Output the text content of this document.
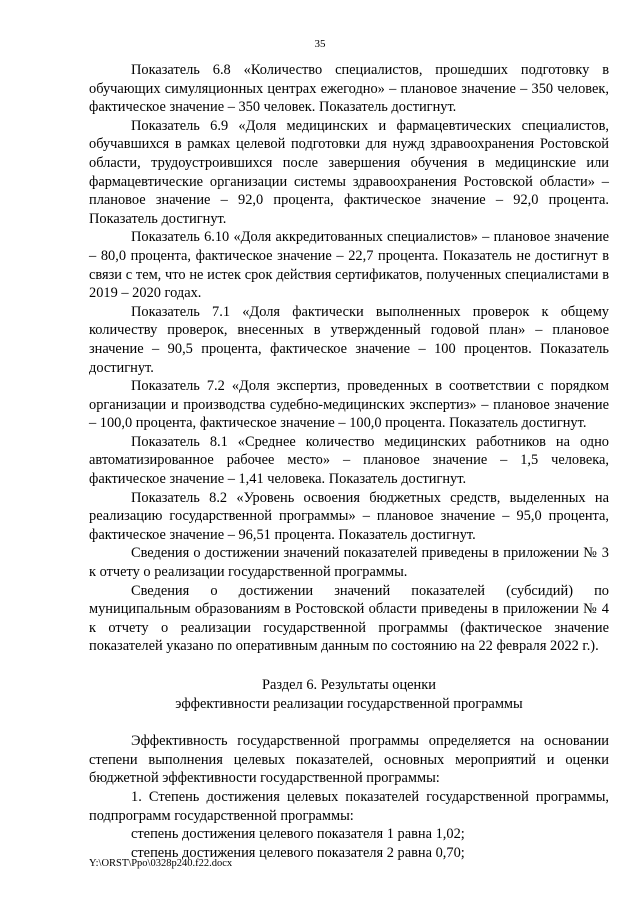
35

Показатель 6.8 «Количество специалистов, прошедших подготовку в обучающих симуляционных центрах ежегодно» – плановое значение – 350 человек, фактическое значение – 350 человек. Показатель достигнут.

Показатель 6.9 «Доля медицинских и фармацевтических специалистов, обучавшихся в рамках целевой подготовки для нужд здравоохранения Ростовской области, трудоустроившихся после завершения обучения в медицинские или фармацевтические организации системы здравоохранения Ростовской области» – плановое значение – 92,0 процента, фактическое значение – 92,0 процента. Показатель достигнут.

Показатель 6.10 «Доля аккредитованных специалистов» – плановое значение – 80,0 процента, фактическое значение – 22,7 процента. Показатель не достигнут в связи с тем, что не истек срок действия сертификатов, полученных специалистами в 2019 – 2020 годах.

Показатель 7.1 «Доля фактически выполненных проверок к общему количеству проверок, внесенных в утвержденный годовой план» – плановое значение – 90,5 процента, фактическое значение – 100 процентов. Показатель достигнут.

Показатель 7.2 «Доля экспертиз, проведенных в соответствии с порядком организации и производства судебно-медицинских экспертиз» – плановое значение – 100,0 процента, фактическое значение – 100,0 процента. Показатель достигнут.

Показатель 8.1 «Среднее количество медицинских работников на одно автоматизированное рабочее место» – плановое значение – 1,5 человека, фактическое значение – 1,41 человека. Показатель достигнут.

Показатель 8.2 «Уровень освоения бюджетных средств, выделенных на реализацию государственной программы» – плановое значение – 95,0 процента, фактическое значение – 96,51 процента. Показатель достигнут.

Сведения о достижении значений показателей приведены в приложении № 3 к отчету о реализации государственной программы.

Сведения о достижении значений показателей (субсидий) по муниципальным образованиям в Ростовской области приведены в приложении № 4 к отчету о реализации государственной программы (фактическое значение показателей указано по оперативным данным по состоянию на 22 февраля 2022 г.).

Раздел 6. Результаты оценки
эффективности реализации государственной программы

Эффективность государственной программы определяется на основании степени выполнения целевых показателей, основных мероприятий и оценки бюджетной эффективности государственной программы:

1. Степень достижения целевых показателей государственной программы, подпрограмм государственной программы:

степень достижения целевого показателя 1 равна 1,02;

степень достижения целевого показателя 2 равна 0,70;

Y:\ORST\Ppo\0328p240.f22.docx
